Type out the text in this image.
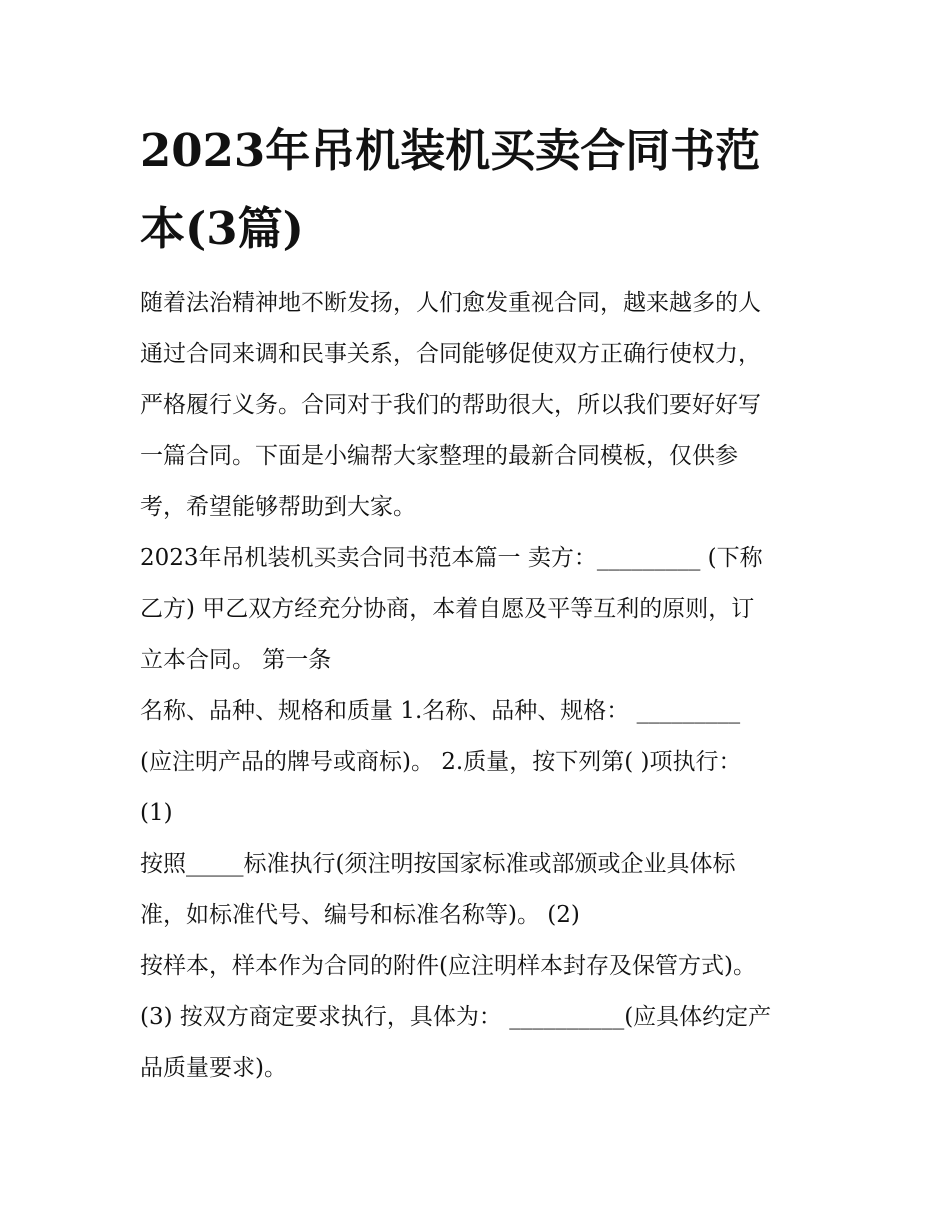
2023年吊机装机买卖合同书范
本(3篇)

随着法治精神地不断发扬，人们愈发重视合同，越来越多的人
通过合同来调和民事关系，合同能够促使双方正确行使权力，
严格履行义务。合同对于我们的帮助很大，所以我们要好好写
一篇合同。下面是小编帮大家整理的最新合同模板，仅供参
考，希望能够帮助到大家。

2023年吊机装机买卖合同书范本篇一 卖方：_________ (下称
乙方) 甲乙双方经充分协商，本着自愿及平等互利的原则，订
立本合同。 第一条

名称、品种、规格和质量 1.名称、品种、规格： _________
(应注明产品的牌号或商标)。 2.质量，按下列第( )项执行：
(1)

按照_____标准执行(须注明按国家标准或部颁或企业具体标
准，如标准代号、编号和标准名称等)。 (2)

按样本，样本作为合同的附件(应注明样本封存及保管方式)。
(3) 按双方商定要求执行，具体为： __________(应具体约定产
品质量要求)。
